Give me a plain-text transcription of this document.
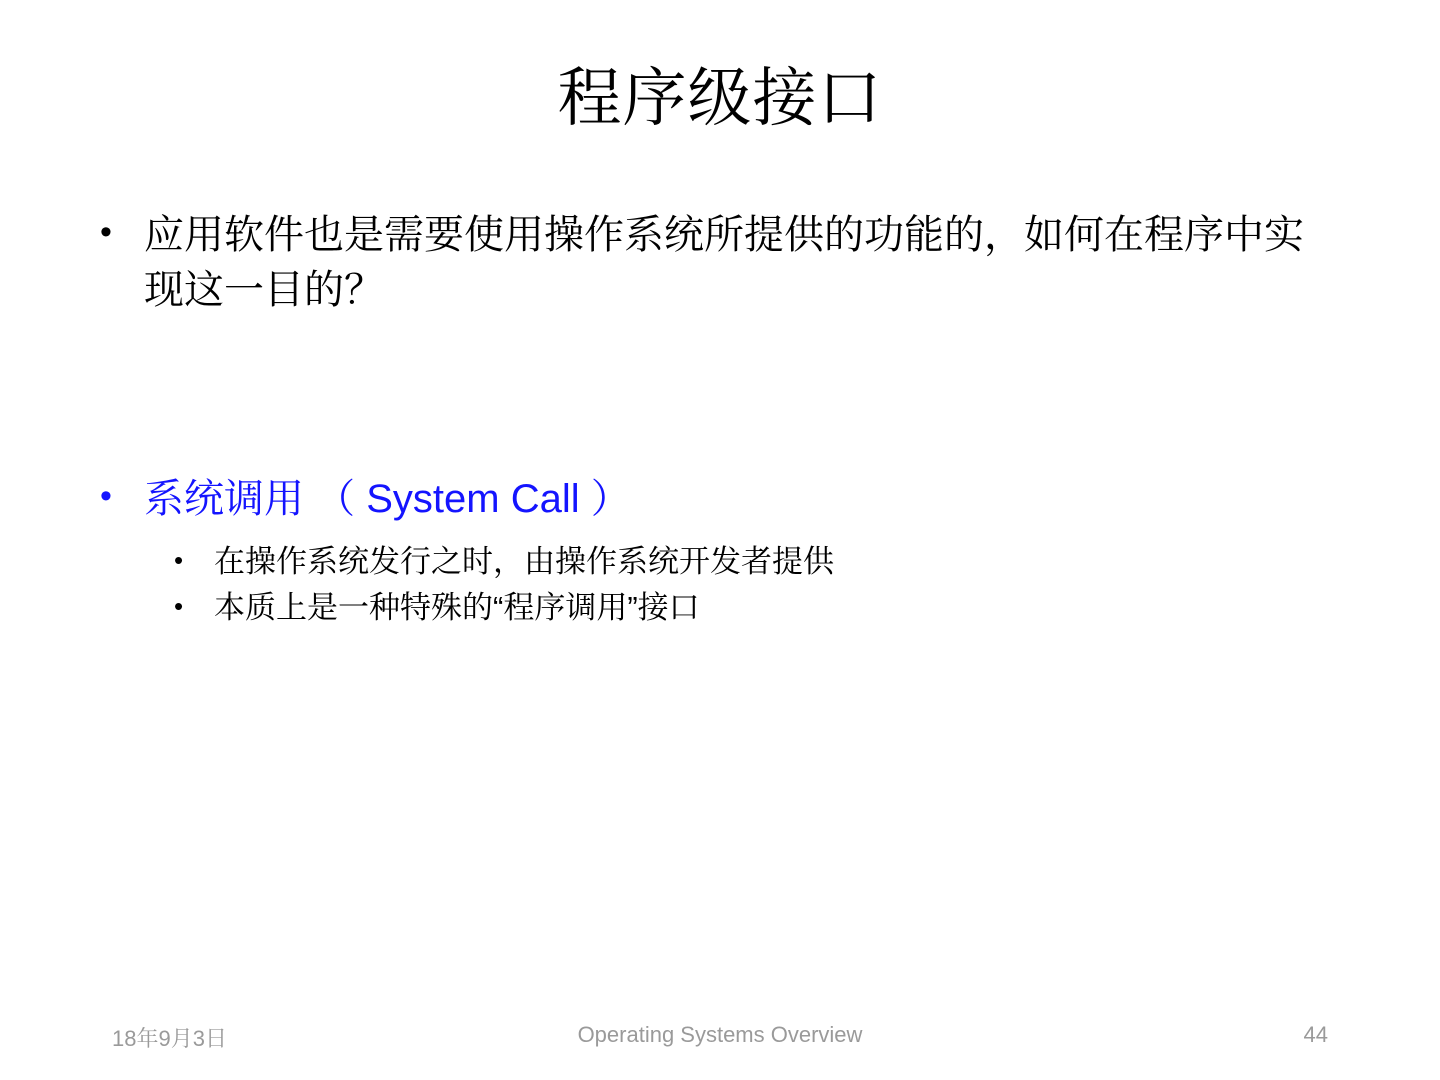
程序级接口
• 应用软件也是需要使用操作系统所提供的功能的，如何在程序中实现这一目的？
• 系统调用 （ System Call ）
• 在操作系统发行之时，由操作系统开发者提供
• 本质上是一种特殊的“程序调用”接口
18年9月3日	Operating Systems Overview	44
